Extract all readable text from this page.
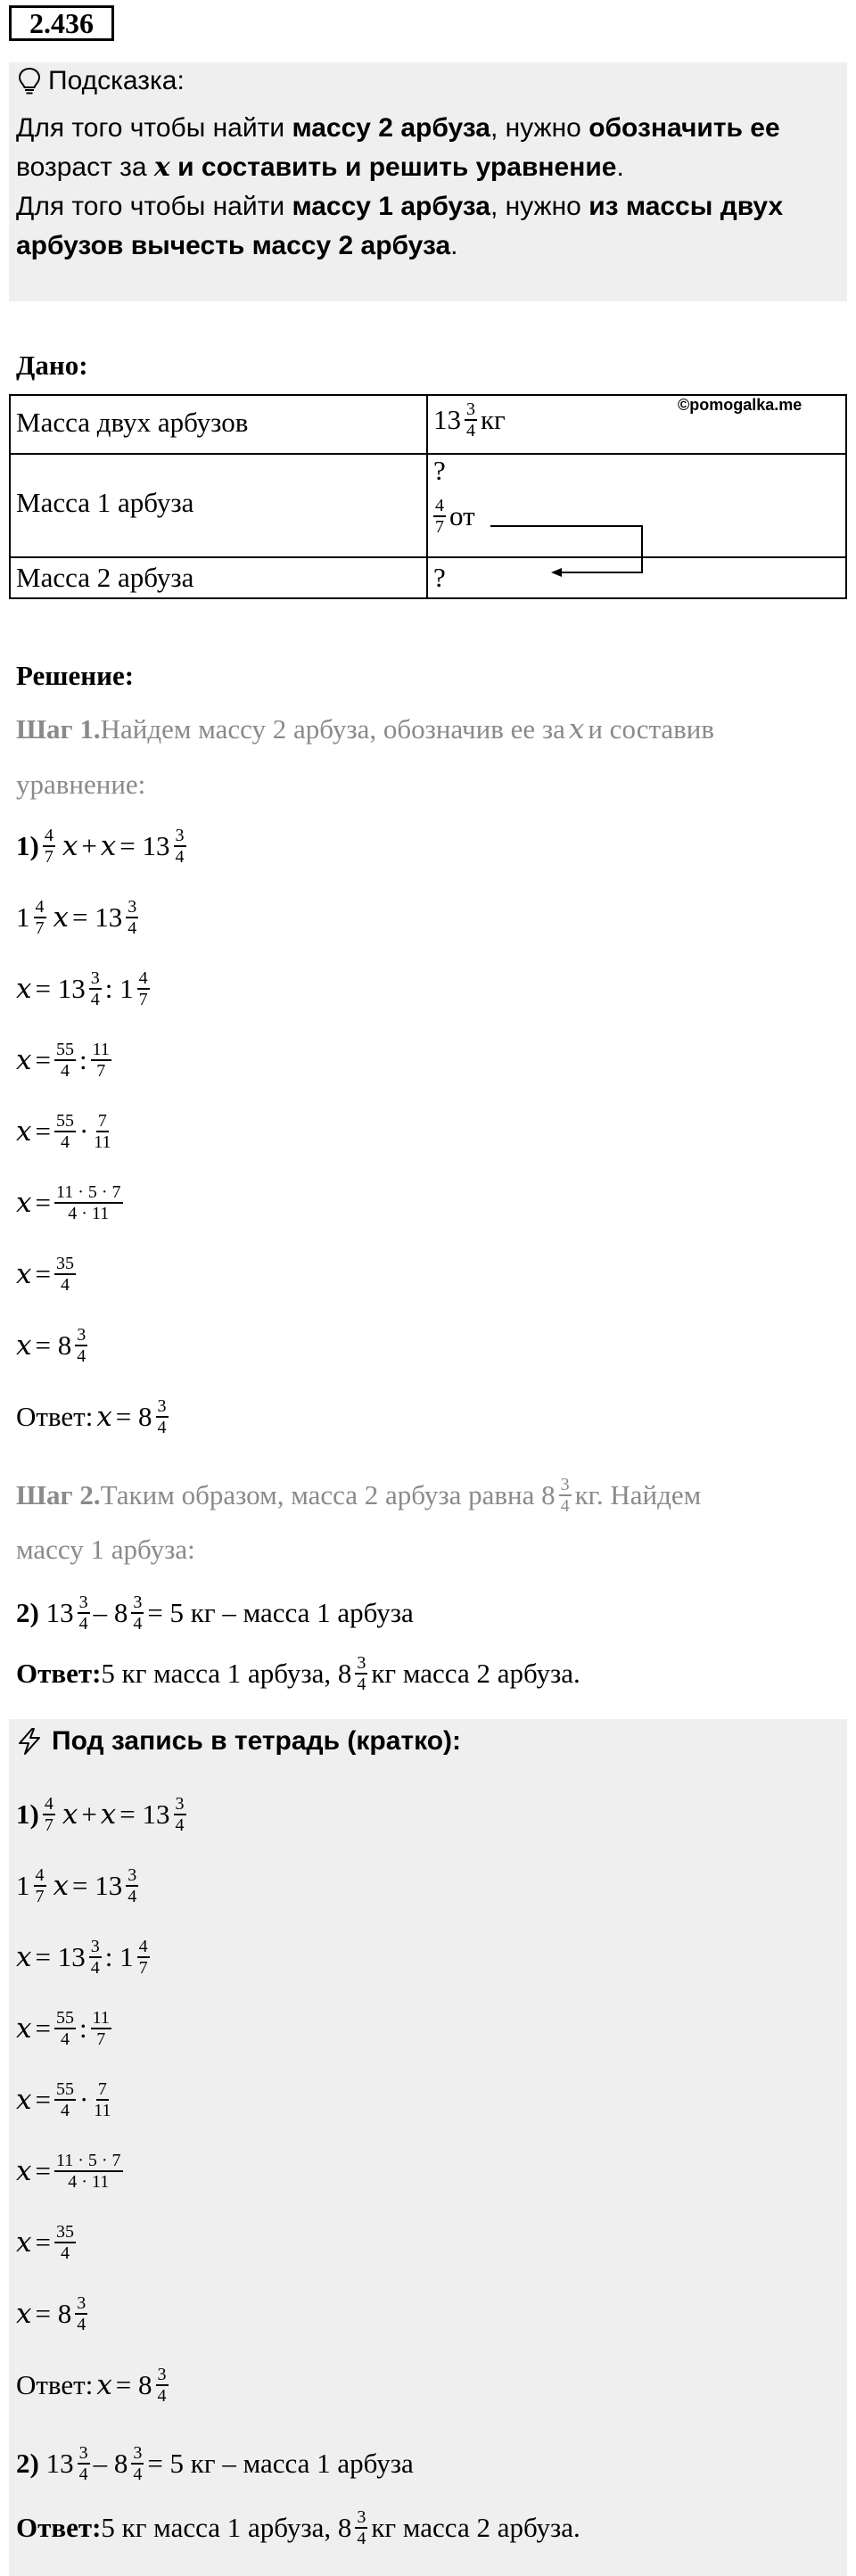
2.436
Подсказка:
Для того чтобы найти массу 2 арбуза, нужно обозначить ее
возраст за x и составить и решить уравнение.
Для того чтобы найти массу 1 арбуза, нужно из массы двух
арбузов вычесть массу 2 арбуза.
Дано:
©pomogalka.me
Масса двух арбузов	$13 \frac{3}{4}$ кг
Масса 1 арбуза
?
$\frac{4}{7}$ от
Масса 2 арбуза	?
Решение:
Шаг 1. Найдем массу 2 арбуза, обозначив ее за x и составив
уравнение:
$1) \frac{4}{7}$ $x + x = 13 \frac{3}{4}$
$1 \frac{4}{7}$ $x = 13 \frac{3}{4}$
$x = 13 \frac{3}{4}$ : $1 \frac{4}{7}$
$x = \frac{55}{4}$ : $\frac{11}{7}$
$x = \frac{55}{4} \cdot \frac{7}{11}$
$x = \frac{11 \cdot 5 \cdot 7}{4 \cdot 11}$
$x = \frac{35}{4}$
$x = 8 \frac{3}{4}$
Ответ: $x = 8 \frac{3}{4}$
Шаг 2. Таким образом, масса 2 арбуза равна $8 \frac{3}{4}$ кг. Найдем
массу 1 арбуза:
2) $13 \frac{3}{4} - 8 \frac{3}{4} = 5$ кг – масса 1 арбуза
Ответ: 5 кг масса 1 арбуза, $8 \frac{3}{4}$ кг масса 2 арбуза.
Под запись в тетрадь (кратко):
$1) \frac{4}{7}$ $x + x = 13 \frac{3}{4}$
$1 \frac{4}{7}$ $x = 13 \frac{3}{4}$
$x = 13 \frac{3}{4}$ : $1 \frac{4}{7}$
$x = \frac{55}{4}$ : $\frac{11}{7}$
$x = \frac{55}{4} \cdot \frac{7}{11}$
$x = \frac{11 \cdot 5 \cdot 7}{4 \cdot 11}$
$x = \frac{35}{4}$
$x = 8 \frac{3}{4}$
Ответ: $x = 8 \frac{3}{4}$
2) $13 \frac{3}{4} - 8 \frac{3}{4} = 5$ кг – масса 1 арбуза
Ответ: 5 кг масса 1 арбуза, $8 \frac{3}{4}$ кг масса 2 арбуза.
